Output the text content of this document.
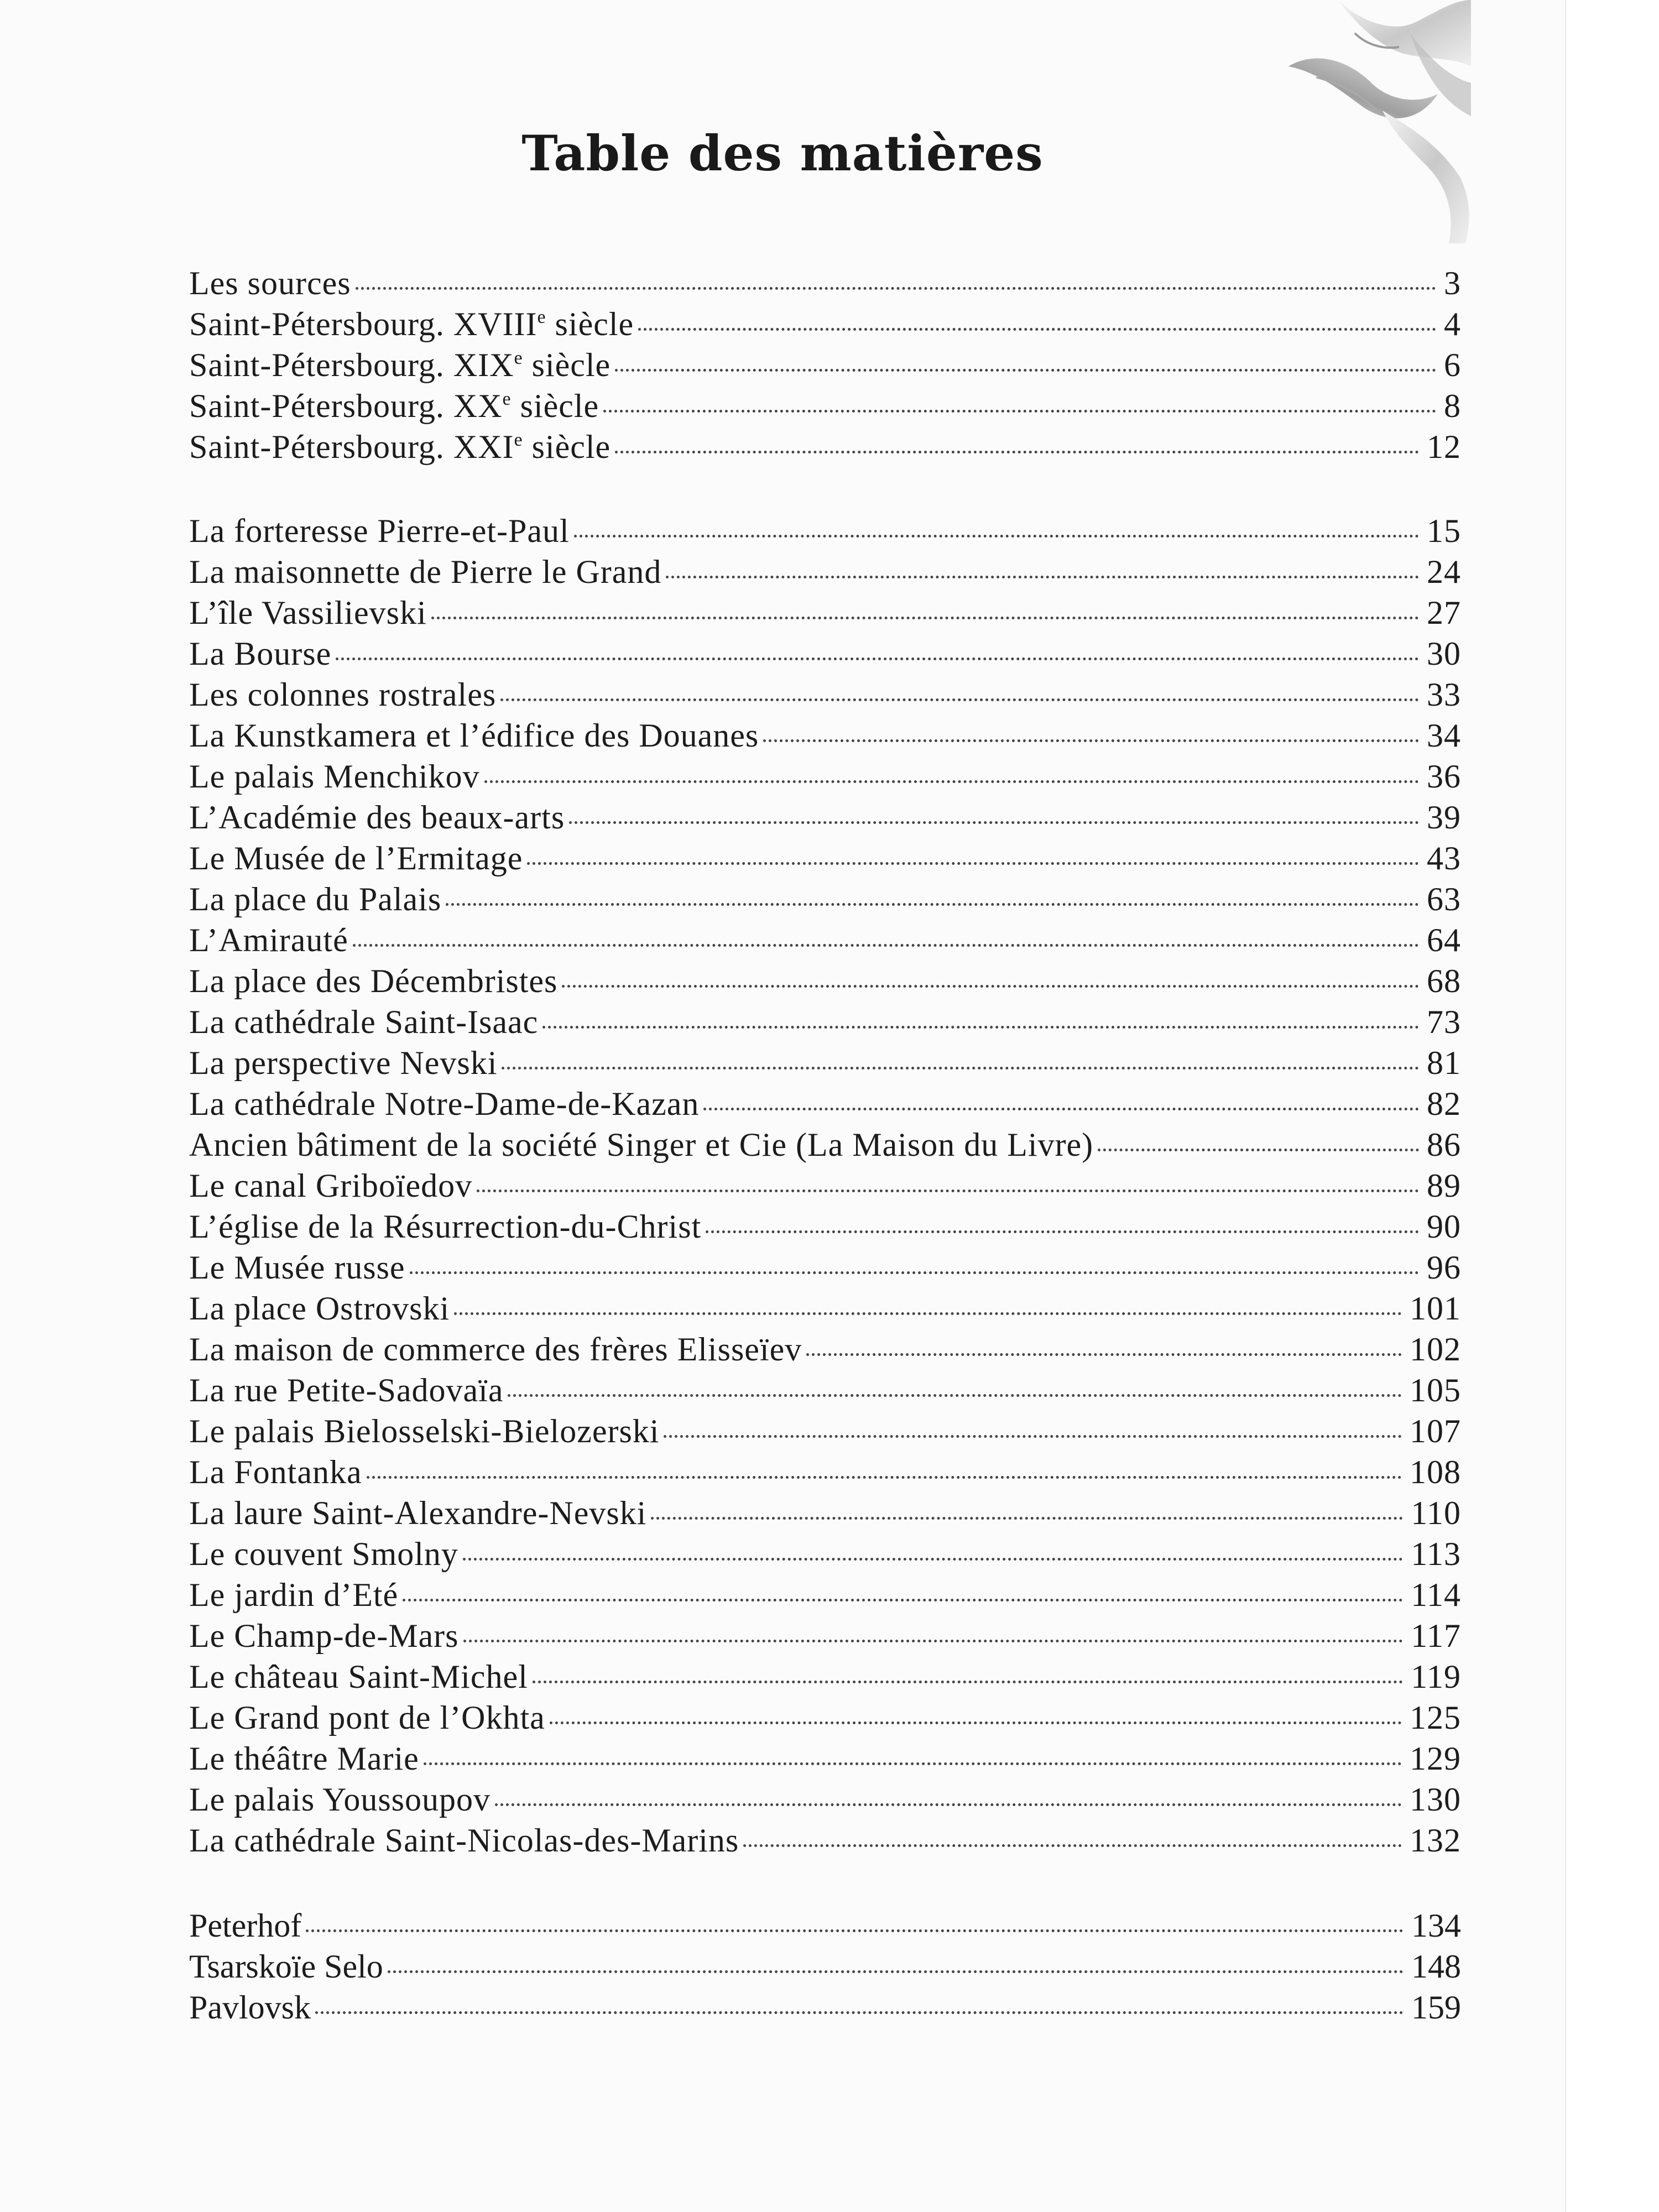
Table des matières
Les sources	3
Saint-Pétersbourg. XVIIIe siècle	4
Saint-Pétersbourg. XIXe siècle	6
Saint-Pétersbourg. XXe siècle	8
Saint-Pétersbourg. XXIe siècle	12
La forteresse Pierre-et-Paul	15
La maisonnette de Pierre le Grand	24
L’île Vassilievski	27
La Bourse	30
Les colonnes rostrales	33
La Kunstkamera et l’édifice des Douanes	34
Le palais Menchikov	36
L’Académie des beaux-arts	39
Le Musée de l’Ermitage	43
La place du Palais	63
L’Amirauté	64
La place des Décembristes	68
La cathédrale Saint-Isaac	73
La perspective Nevski	81
La cathédrale Notre-Dame-de-Kazan	82
Ancien bâtiment de la société Singer et Cie (La Maison du Livre)	86
Le canal Griboïedov	89
L’église de la Résurrection-du-Christ	90
Le Musée russe	96
La place Ostrovski	101
La maison de commerce des frères Elisseïev	102
La rue Petite-Sadovaïa	105
Le palais Bielosselski-Bielozerski	107
La Fontanka	108
La laure Saint-Alexandre-Nevski	110
Le couvent Smolny	113
Le jardin d’Eté	114
Le Champ-de-Mars	117
Le château Saint-Michel	119
Le Grand pont de l’Okhta	125
Le théâtre Marie	129
Le palais Youssoupov	130
La cathédrale Saint-Nicolas-des-Marins	132
Peterhof	134
Tsarskoïe Selo	148
Pavlovsk	159
